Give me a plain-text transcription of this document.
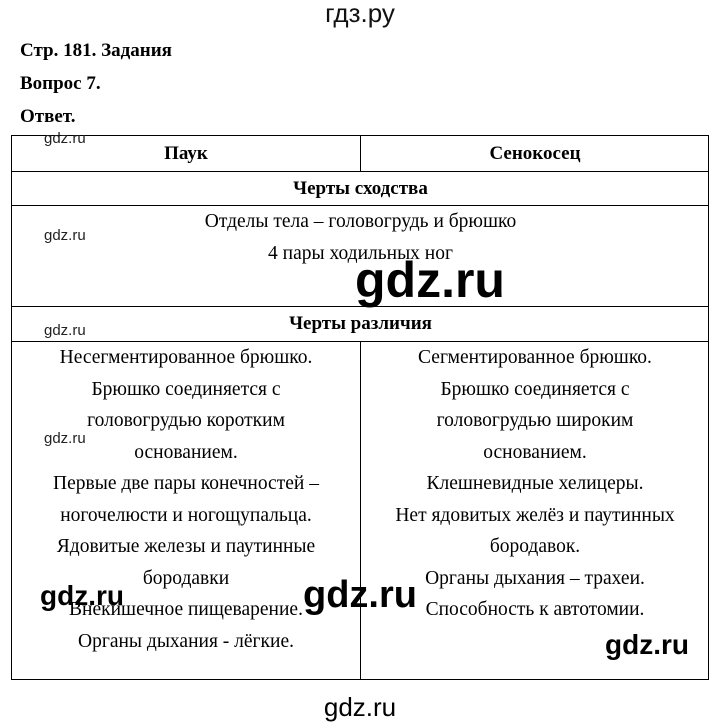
гдз.ру
Стр. 181. Задания
Вопрос 7.
Ответ.
Паук	Сенокосец
Черты сходства
Отделы тела – головогрудь и брюшко
4 пары ходильных ног
Черты различия
Несегментированное брюшко.
Брюшко соединяется с
головогрудью коротким
основанием.
Первые две пары конечностей –
ногочелюсти и ногощупальца.
Ядовитые железы и паутинные
бородавки
Внекишечное пищеварение.
Органы дыхания - лёгкие.
Сегментированное брюшко.
Брюшко соединяется с
головогрудью широким
основанием.
Клешневидные хелицеры.
Нет ядовитых желёз и паутинных
бородавок.
Органы дыхания – трахеи.
Способность к автотомии.
gdz.ru
gdz.ru
gdz.ru
gdz.ru
gdz.ru
gdz.ru	gdz.ru
gdz.ru
gdz.ru
